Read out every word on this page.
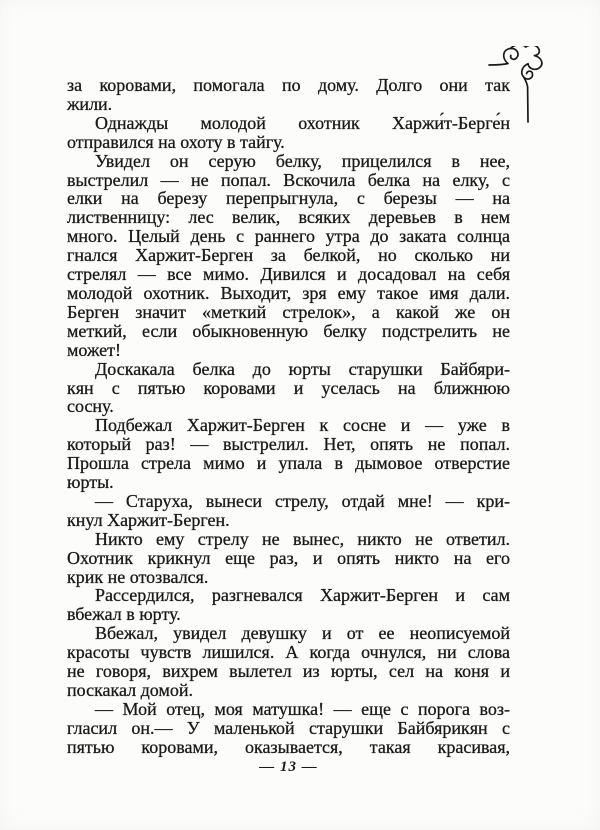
за коровами, помогала по дому. Долго они так
жили.
Однажды молодой охотник Харжи́т-Берге́н
отправился на охоту в тайгу.
Увидел он серую белку, прицелился в нее,
выстрелил — не попал. Вскочила белка на елку, с
елки на березу перепрыгнула, с березы — на
лиственницу: лес велик, всяких деревьев в нем
много. Целый день с раннего утра до заката солнца
гнался Харжит-Берген за белкой, но сколько ни
стрелял — все мимо. Дивился и досадовал на себя
молодой охотник. Выходит, зря ему такое имя дали.
Берген значит «меткий стрелок», а какой же он
меткий, если обыкновенную белку подстрелить не
может!
Доскакала белка до юрты старушки Байбяри-
кян с пятью коровами и уселась на ближнюю
сосну.
Подбежал Харжит-Берген к сосне и — уже в
который раз! — выстрелил. Нет, опять не попал.
Прошла стрела мимо и упала в дымовое отверстие
юрты.
— Старуха, вынеси стрелу, отдай мне! — кри-
кнул Харжит-Берген.
Никто ему стрелу не вынес, никто не ответил.
Охотник крикнул еще раз, и опять никто на его
крик не отозвался.
Рассердился, разгневался Харжит-Берген и сам
вбежал в юрту.
Вбежал, увидел девушку и от ее неописуемой
красоты чувств лишился. А когда очнулся, ни слова
не говоря, вихрем вылетел из юрты, сел на коня и
поскакал домой.
— Мой отец, моя матушка! — еще с порога воз-
гласил он.— У маленькой старушки Байбярикян с
пятью коровами, оказывается, такая красивая,
— 13 —
